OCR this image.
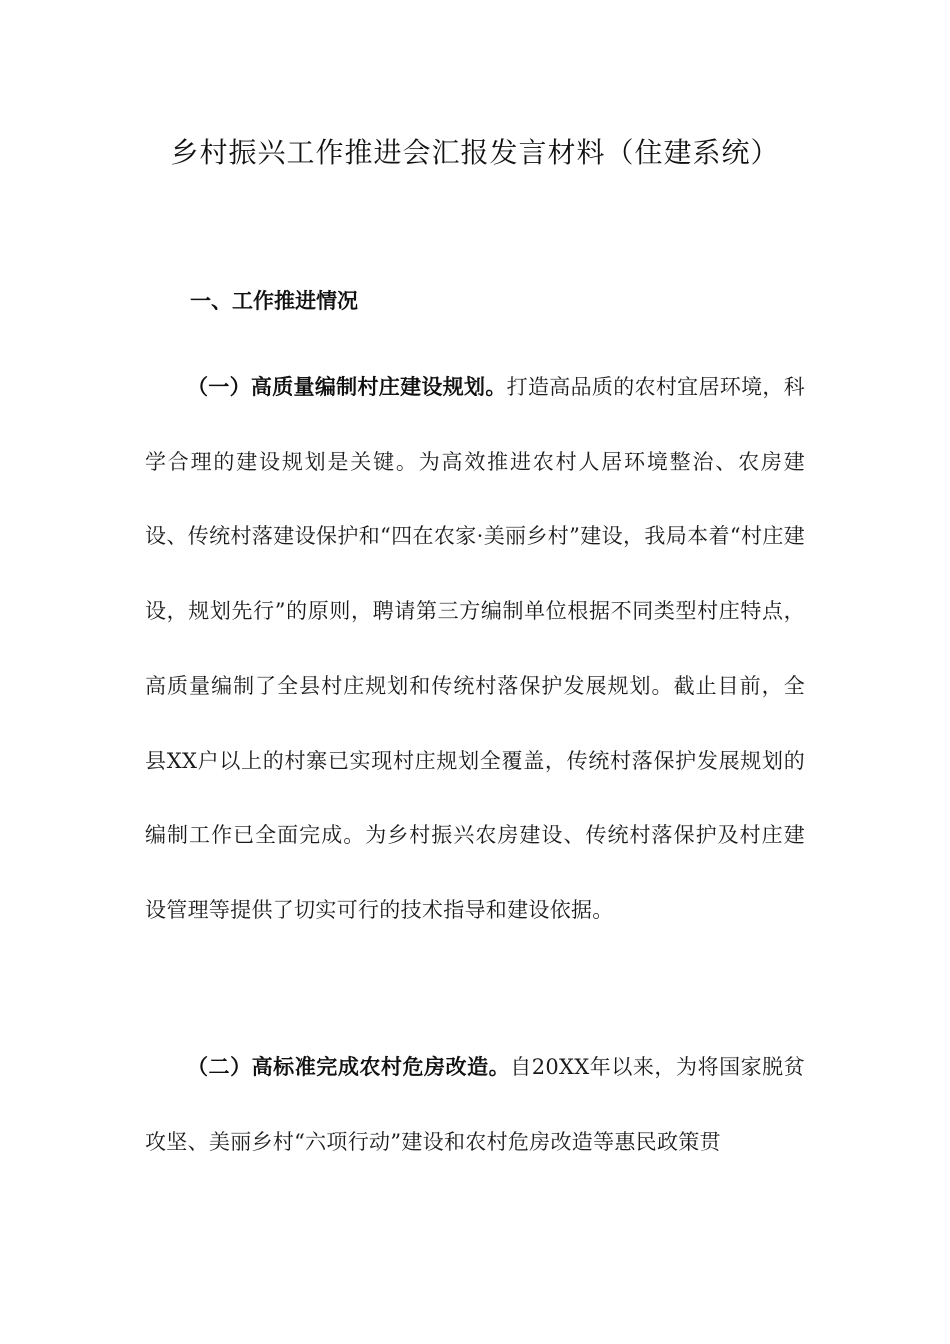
乡村振兴工作推进会汇报发言材料（住建系统）
一、工作推进情况

（一）高质量编制村庄建设规划。打造高品质的农村宜居环境，科学合理的建设规划是关键。为高效推进农村人居环境整治、农房建设、传统村落建设保护和“四在农家·美丽乡村”建设，我局本着“村庄建设，规划先行”的原则，聘请第三方编制单位根据不同类型村庄特点，高质量编制了全县村庄规划和传统村落保护发展规划。截止目前，全县XX户以上的村寨已实现村庄规划全覆盖，传统村落保护发展规划的编制工作已全面完成。为乡村振兴农房建设、传统村落保护及村庄建设管理等提供了切实可行的技术指导和建设依据。

（二）高标准完成农村危房改造。自20XX年以来，为将国家脱贫攻坚、美丽乡村“六项行动”建设和农村危房改造等惠民政策贯
